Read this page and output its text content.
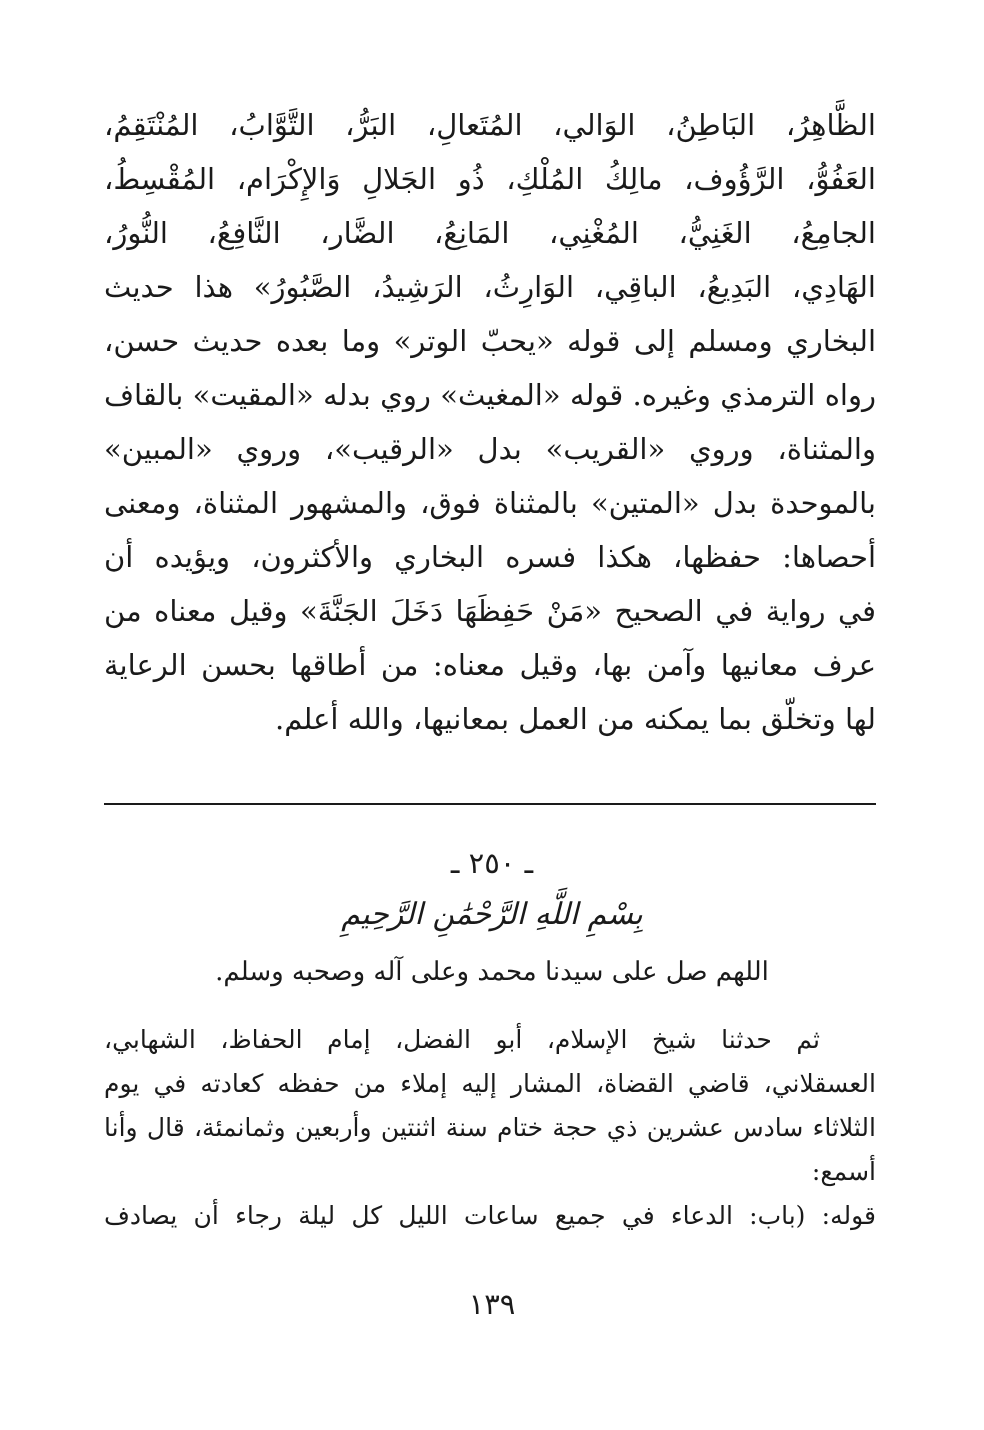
الظَّاهِرُ، البَاطِنُ، الوَالي، المُتَعالِ، البَرُّ، التَّوَّابُ، المُنْتَقِمُ،
العَفُوُّ، الرَّؤُوف، مالِكُ المُلْكِ، ذُو الجَلالِ وَالإِكْرَام، المُقْسِطُ،
الجامِعُ، الغَنِيُّ، المُغْنِي، المَانِعُ، الضَّار، النَّافِعُ، النُّورُ،
الهَادِي، البَدِيعُ، الباقِي، الوَارِثُ، الرَشِيدُ، الصَّبُورُ» هذا حديث
البخاري ومسلم إلى قوله «يحبّ الوتر» وما بعده حديث حسن،
رواه الترمذي وغيره. قوله «المغيث» روي بدله «المقيت» بالقاف
والمثناة، وروي «القريب» بدل «الرقيب»، وروي «المبين»
بالموحدة بدل «المتين» بالمثناة فوق، والمشهور المثناة، ومعنى
أحصاها: حفظها، هكذا فسره البخاري والأكثرون، ويؤيده أن
في رواية في الصحيح «مَنْ حَفِظَهَا دَخَلَ الجَنَّةَ» وقيل معناه من
عرف معانيها وآمن بها، وقيل معناه: من أطاقها بحسن الرعاية
لها وتخلّق بما يمكنه من العمل بمعانيها، والله أعلم.
ـ ٢٥٠ ـ
بِسْمِ اللَّهِ الرَّحْمَٰنِ الرَّحِيمِ
اللهم صل على سيدنا محمد وعلى آله وصحبه وسلم.
ثم حدثنا شيخ الإسلام، أبو الفضل، إمام الحفاظ، الشهابي،
العسقلاني، قاضي القضاة، المشار إليه إملاء من حفظه كعادته في يوم
الثلاثاء سادس عشرين ذي حجة ختام سنة اثنتين وأربعين وثمانمئة، قال وأنا
أسمع:
قوله: (باب: الدعاء في جميع ساعات الليل كل ليلة رجاء أن يصادف
١٣٩
